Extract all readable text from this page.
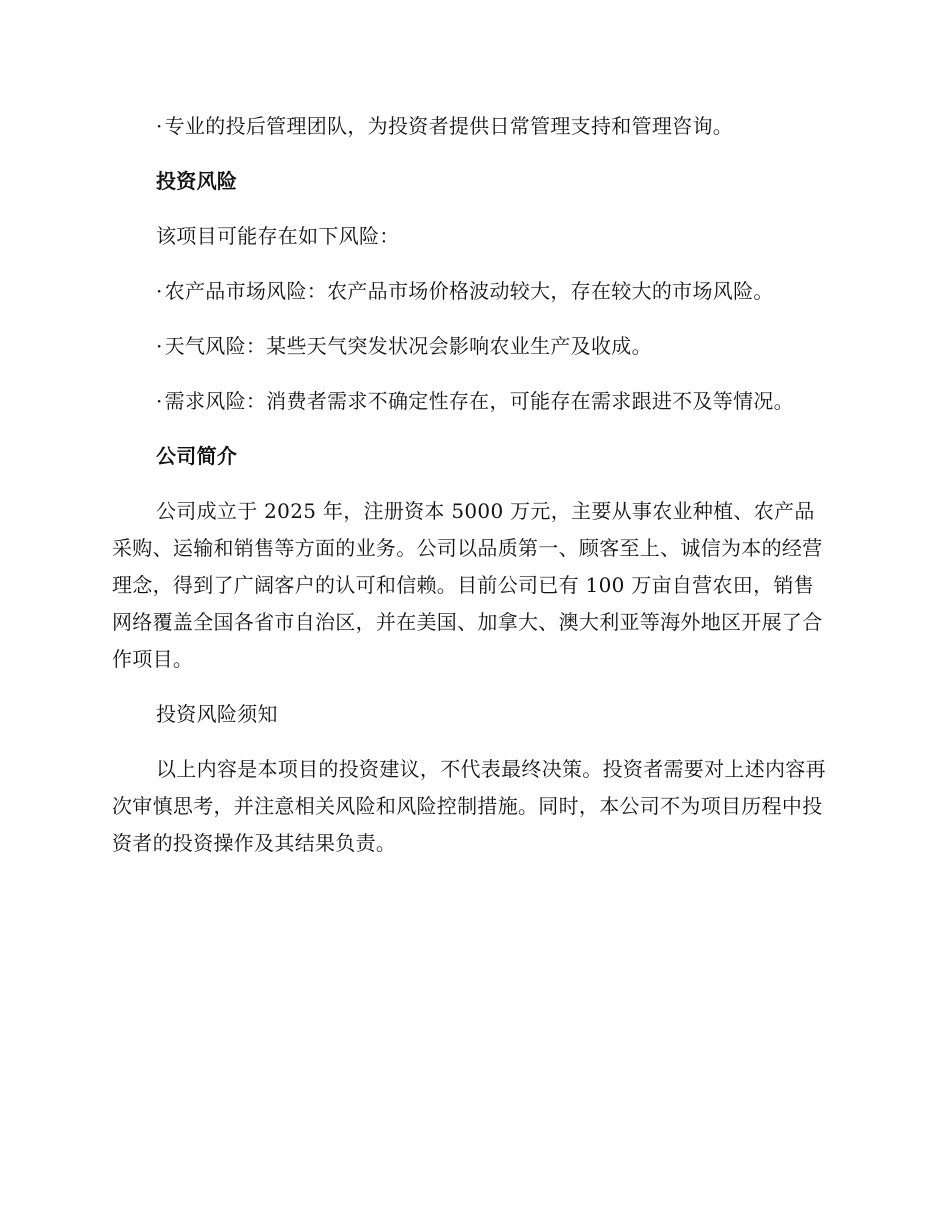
· 专业的投后管理团队，为投资者提供日常管理支持和管理咨询。

投资风险

该项目可能存在如下风险：

· 农产品市场风险：农产品市场价格波动较大，存在较大的市场风险。

· 天气风险：某些天气突发状况会影响农业生产及收成。

· 需求风险：消费者需求不确定性存在，可能存在需求跟进不及等情况。

公司简介

公司成立于 2025 年，注册资本 5000 万元，主要从事农业种植、农产品采购、运输和销售等方面的业务。公司以品质第一、顾客至上、诚信为本的经营理念，得到了广阔客户的认可和信赖。目前公司已有 100 万亩自营农田，销售网络覆盖全国各省市自治区，并在美国、加拿大、澳大利亚等海外地区开展了合作项目。

投资风险须知

以上内容是本项目的投资建议，不代表最终决策。投资者需要对上述内容再次审慎思考，并注意相关风险和风险控制措施。同时，本公司不为项目历程中投资者的投资操作及其结果负责。
